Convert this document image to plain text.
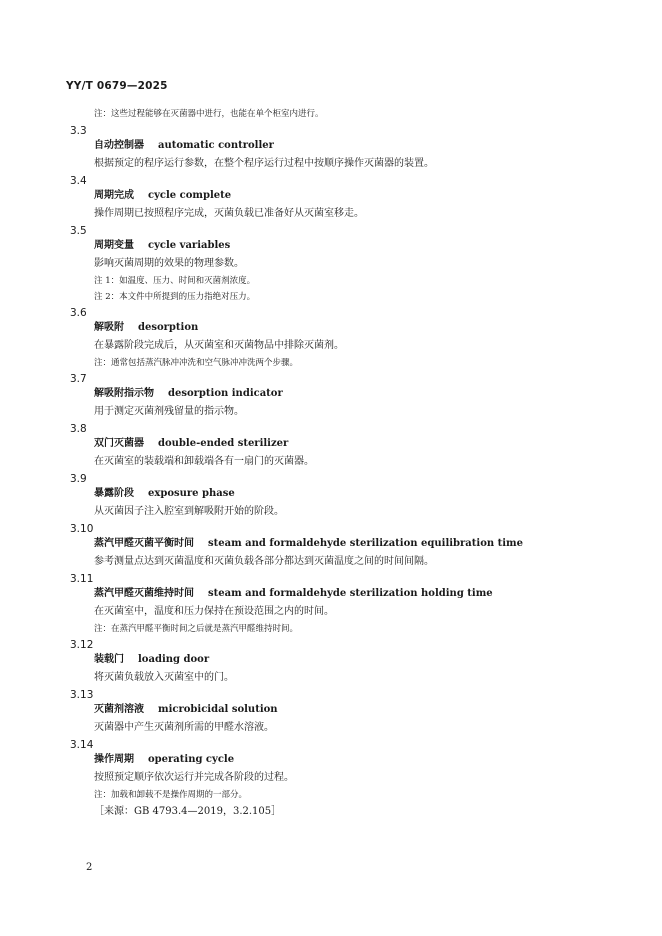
YY/T 0679—2025
注：这些过程能够在灭菌器中进行，也能在单个柜室内进行。
3.3
自动控制器 automatic controller
根据预定的程序运行参数，在整个程序运行过程中按顺序操作灭菌器的装置。
3.4
周期完成 cycle complete
操作周期已按照程序完成，灭菌负载已准备好从灭菌室移走。
3.5
周期变量 cycle variables
影响灭菌周期的效果的物理参数。
注 1：如温度、压力、时间和灭菌剂浓度。
注 2：本文件中所提到的压力指绝对压力。
3.6
解吸附 desorption
在暴露阶段完成后，从灭菌室和灭菌物品中排除灭菌剂。
注：通常包括蒸汽脉冲冲洗和空气脉冲冲洗两个步骤。
3.7
解吸附指示物 desorption indicator
用于测定灭菌剂残留量的指示物。
3.8
双门灭菌器 double-ended sterilizer
在灭菌室的装载端和卸载端各有一扇门的灭菌器。
3.9
暴露阶段 exposure phase
从灭菌因子注入腔室到解吸附开始的阶段。
3.10
蒸汽甲醛灭菌平衡时间 steam and formaldehyde sterilization equilibration time
参考测量点达到灭菌温度和灭菌负载各部分都达到灭菌温度之间的时间间隔。
3.11
蒸汽甲醛灭菌维持时间 steam and formaldehyde sterilization holding time
在灭菌室中，温度和压力保持在预设范围之内的时间。
注：在蒸汽甲醛平衡时间之后就是蒸汽甲醛维持时间。
3.12
装载门 loading door
将灭菌负载放入灭菌室中的门。
3.13
灭菌剂溶液 microbicidal solution
灭菌器中产生灭菌剂所需的甲醛水溶液。
3.14
操作周期 operating cycle
按照预定顺序依次运行并完成各阶段的过程。
注：加载和卸载不是操作周期的一部分。
［来源：GB 4793.4—2019，3.2.105］
2
